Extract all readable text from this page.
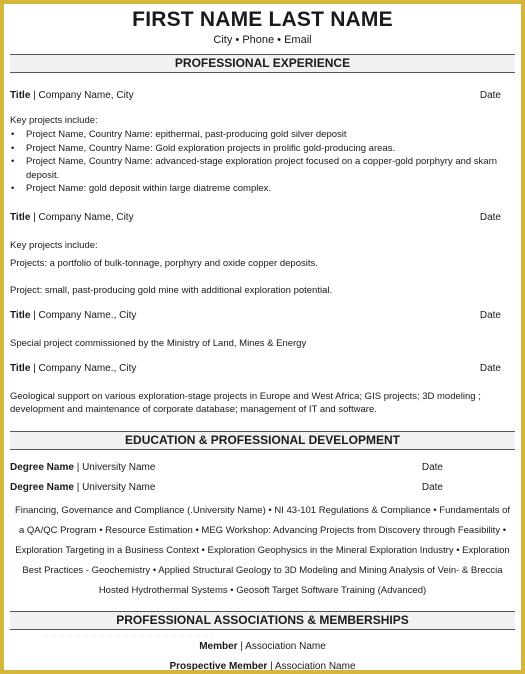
FIRST NAME LAST NAME
City • Phone • Email
PROFESSIONAL EXPERIENCE
Title | Company Name, City	Date
Key projects include:
• Project Name, Country Name: epithermal, past-producing gold silver deposit
• Project Name, Country Name: Gold exploration projects in prolific gold-producing areas.
• Project Name, Country Name: advanced-stage exploration project focused on a copper-gold porphyry and skarn deposit.
• Project Name: gold deposit within large diatreme complex.
Title | Company Name, City	Date
Key projects include:
Projects: a portfolio of bulk-tonnage, porphyry and oxide copper deposits.
Project: small, past-producing gold mine with additional exploration potential.
Title | Company Name., City	Date
Special project commissioned by the Ministry of Land, Mines & Energy
Title | Company Name., City	Date
Geological support on various exploration-stage projects in Europe and West Africa; GIS projects; 3D modeling ; development and maintenance of corporate database; management of IT and software.
EDUCATION & PROFESSIONAL DEVELOPMENT
Degree Name | University Name	Date
Degree Name | University Name	Date

Financing, Governance and Compliance (.University Name) • NI 43-101 Regulations & Compliance • Fundamentals of

a QA/QC Program • Resource Estimation • MEG Workshop: Advancing Projects from Discovery through Feasibility •

Exploration Targeting in a Business Context • Exploration Geophysics in the Mineral Exploration Industry • Exploration

Best Practices - Geochemistry • Applied Structural Geology to 3D Modeling and Mining Analysis of Vein- & Breccia

Hosted Hydrothermal Systems • Geosoft Target Software Training (Advanced)

PROFESSIONAL ASSOCIATIONS & MEMBERSHIPS
···········································
Member | Association Name
Prospective Member | Association Name
